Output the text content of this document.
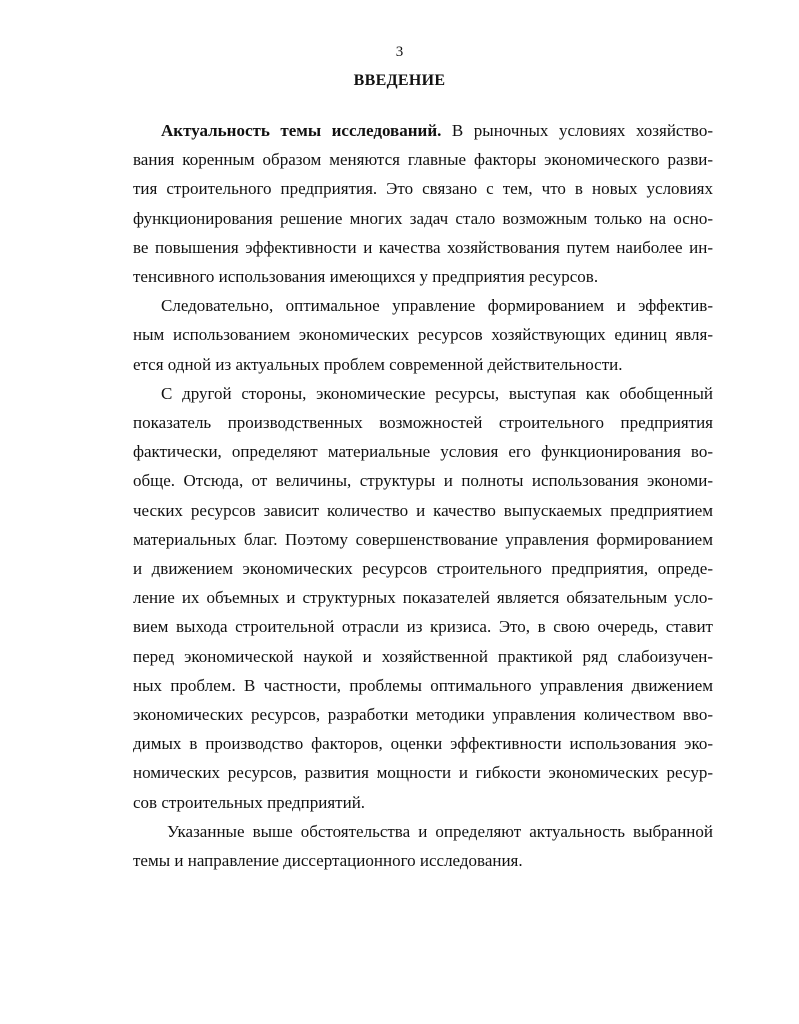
3
ВВЕДЕНИЕ
Актуальность темы исследований. В рыночных условиях хозяйство-
вания коренным образом меняются главные факторы экономического разви-
тия строительного предприятия. Это связано с тем, что в новых условиях
функционирования решение многих задач стало возможным только на осно-
ве повышения эффективности и качества хозяйствования путем наиболее ин-
тенсивного использования имеющихся у предприятия ресурсов.
Следовательно, оптимальное управление формированием и эффектив-
ным использованием экономических ресурсов хозяйствующих единиц явля-
ется одной из актуальных проблем современной действительности.
С другой стороны, экономические ресурсы, выступая как обобщенный
показатель производственных возможностей строительного предприятия
фактически, определяют материальные условия его функционирования во-
обще. Отсюда, от величины, структуры и полноты использования экономи-
ческих ресурсов зависит количество и качество выпускаемых предприятием
материальных благ. Поэтому совершенствование управления формированием
и движением экономических ресурсов строительного предприятия, опреде-
ление их объемных и структурных показателей является обязательным усло-
вием выхода строительной отрасли из кризиса. Это, в свою очередь, ставит
перед экономической наукой и хозяйственной практикой ряд слабоизучен-
ных проблем. В частности, проблемы оптимального управления движением
экономических ресурсов, разработки методики управления количеством вво-
димых в производство факторов, оценки эффективности использования эко-
номических ресурсов, развития мощности и гибкости экономических ресур-
сов строительных предприятий.
Указанные выше обстоятельства и определяют актуальность выбранной
темы и направление диссертационного исследования.
